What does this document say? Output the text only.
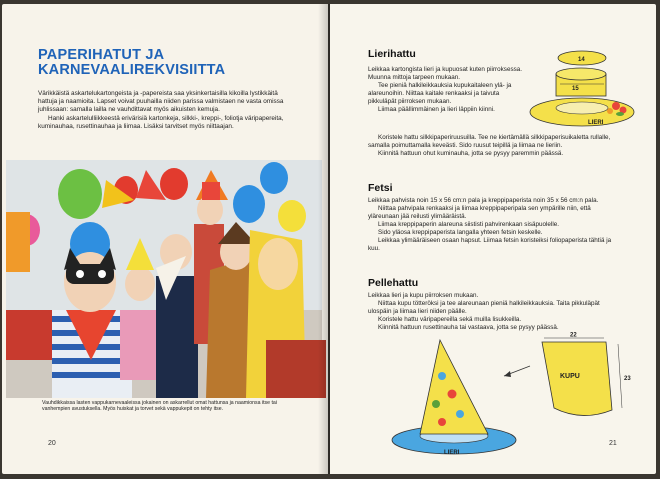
PAPERIHATUT JA
KARNEVAALIREKVISIITTA

Värikkäistä askartelukartongeista ja -papereista saa yksinkertaisilla kikoilla lystikkäitä hattuja ja naamioita. Lapset voivat puuhailla niiden parissa valmistaen ne vasta omissa juhlissaan: samalla lailla ne vauhdittavat myös aikuisten kemuja.

Hanki askartelulliikkeestä erivärisiä kartonkeja, silkki-, kreppi-, foliotja väripapereita, kuminauhaa, rusettinauhaa ja liimaa. Lisäksi tarvitset myös niittaajan.

Vauhdikkaissa lasten vappukarnevaaleissa jokainen on askarrellut omat hattunsa ja naamionsa itse tai vanhempien avustuksella. Myös huiskat ja torvet sekä vappukepit on tehty itse.

20
Lierihattu

Leikkaa kartongista lieri ja kupuosat kuten piirroksessa. Muunna mittoja tarpeen mukaan.

Tee pieniä halkileikkauksia kupukaitaleen ylä- ja alareunoihin. Niittaa kaitale renkaaksi ja taivuta pikkuläpät piirroksen mukaan.

Liimaa päällimmäinen ja lieri läppiin kiinni.

Koristele hattu silkkipaperiruusuilla. Tee ne kiertämällä silkkipaperisuikaletta rullalle, samalla poimuttamalla keveästi. Sido ruusut teipillä ja liimaa ne lieriin.

Kiinnitä hattuun ohut kuminauha, jotta se pysyy paremmin päässä.

14
15
LIERI
Fetsi

Leikkaa pahvista noin 15 x 56 cm:n pala ja kreppipaperista noin 35 x 56 cm:n pala.

Niittaa pahvipala renkaaksi ja liimaa kreppipaperipala sen ympärille niin, että yläreunaan jää reilusti ylimääräistä.

Liimaa kreppipaperin alareuna siististi pahvirenkaan sisäpuolelle.

Sido yläosa kreppipaperista langalla yhteen fetsin keskelle.

Leikkaa ylimääräiseen osaan hapsut. Liimaa fetsin koristeiksi foliopaperista tähtiä ja kuu.

Pellehattu

Leikkaa lieri ja kupu piirroksen mukaan.

Niittaa kupu tötteröksi ja tee alareunaan pieniä halkileikkauksia. Taita pikkuläpät ulospäin ja liimaa lieri niiden päälle.

Koristele hattu väripapereilla sekä muilla lisukkeilla.

Kiinnitä hattuun rusettinauha tai vastaava, jotta se pysyy päässä.

LIERI
KUPU
22
23
21
